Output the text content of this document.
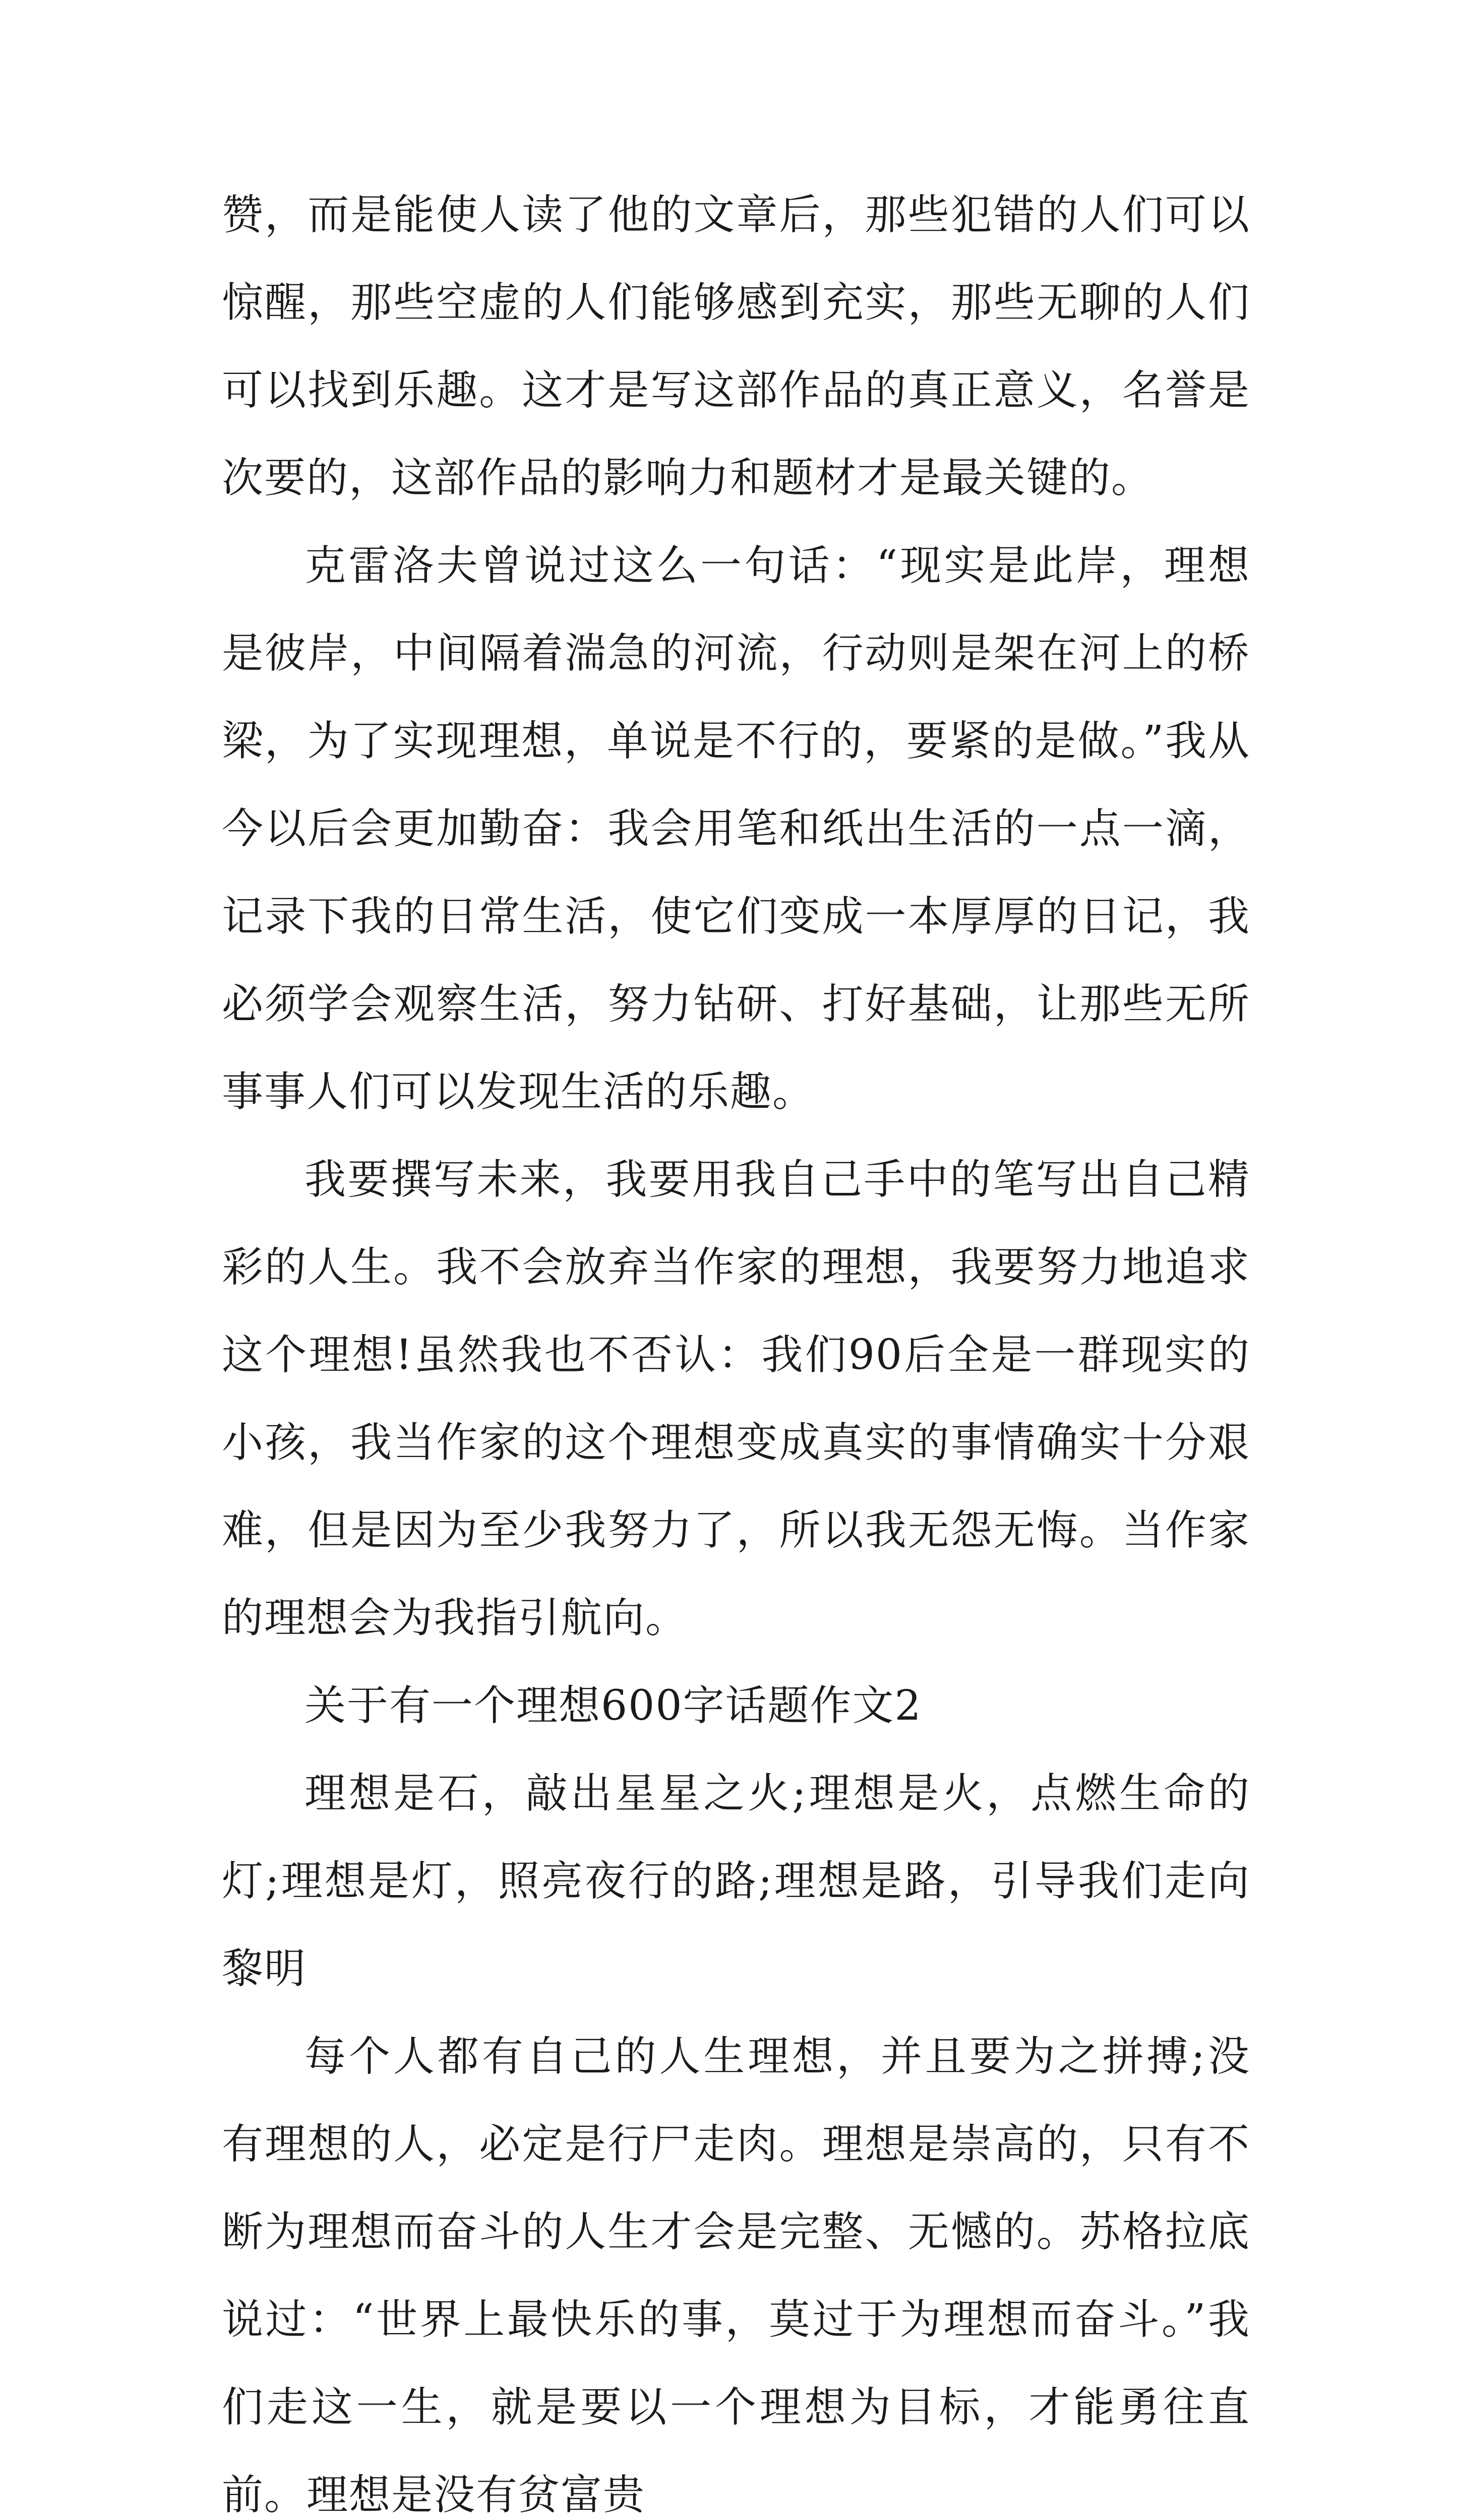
赞，而是能使人读了他的文章后，那些犯错的人们可以惊醒，那些空虚的人们能够感到充实，那些无聊的人们可以找到乐趣。这才是写这部作品的真正意义，名誉是次要的，这部作品的影响力和题材才是最关键的。

克雷洛夫曾说过这么一句话：“现实是此岸，理想是彼岸，中间隔着湍急的河流，行动则是架在河上的桥梁，为了实现理想，单说是不行的，要紧的是做。”我从今以后会更加勤奋：我会用笔和纸出生活的一点一滴，记录下我的日常生活，使它们变成一本厚厚的日记，我必须学会观察生活，努力钻研、打好基础，让那些无所事事人们可以发现生活的乐趣。

我要撰写未来，我要用我自己手中的笔写出自己精彩的人生。我不会放弃当作家的理想，我要努力地追求这个理想!虽然我也不否认：我们90后全是一群现实的小孩，我当作家的这个理想变成真实的事情确实十分艰难，但是因为至少我努力了，所以我无怨无悔。当作家的理想会为我指引航向。

关于有一个理想600字话题作文2

理想是石，敲出星星之火;理想是火，点燃生命的灯;理想是灯，照亮夜行的路;理想是路，引导我们走向黎明

每个人都有自己的人生理想，并且要为之拼搏;没有理想的人，必定是行尸走肉。理想是崇高的，只有不断为理想而奋斗的人生才会是完整、无憾的。苏格拉底说过：“世界上最快乐的事，莫过于为理想而奋斗。”我们走这一生，就是要以一个理想为目标，才能勇往直前。理想是没有贫富贵
